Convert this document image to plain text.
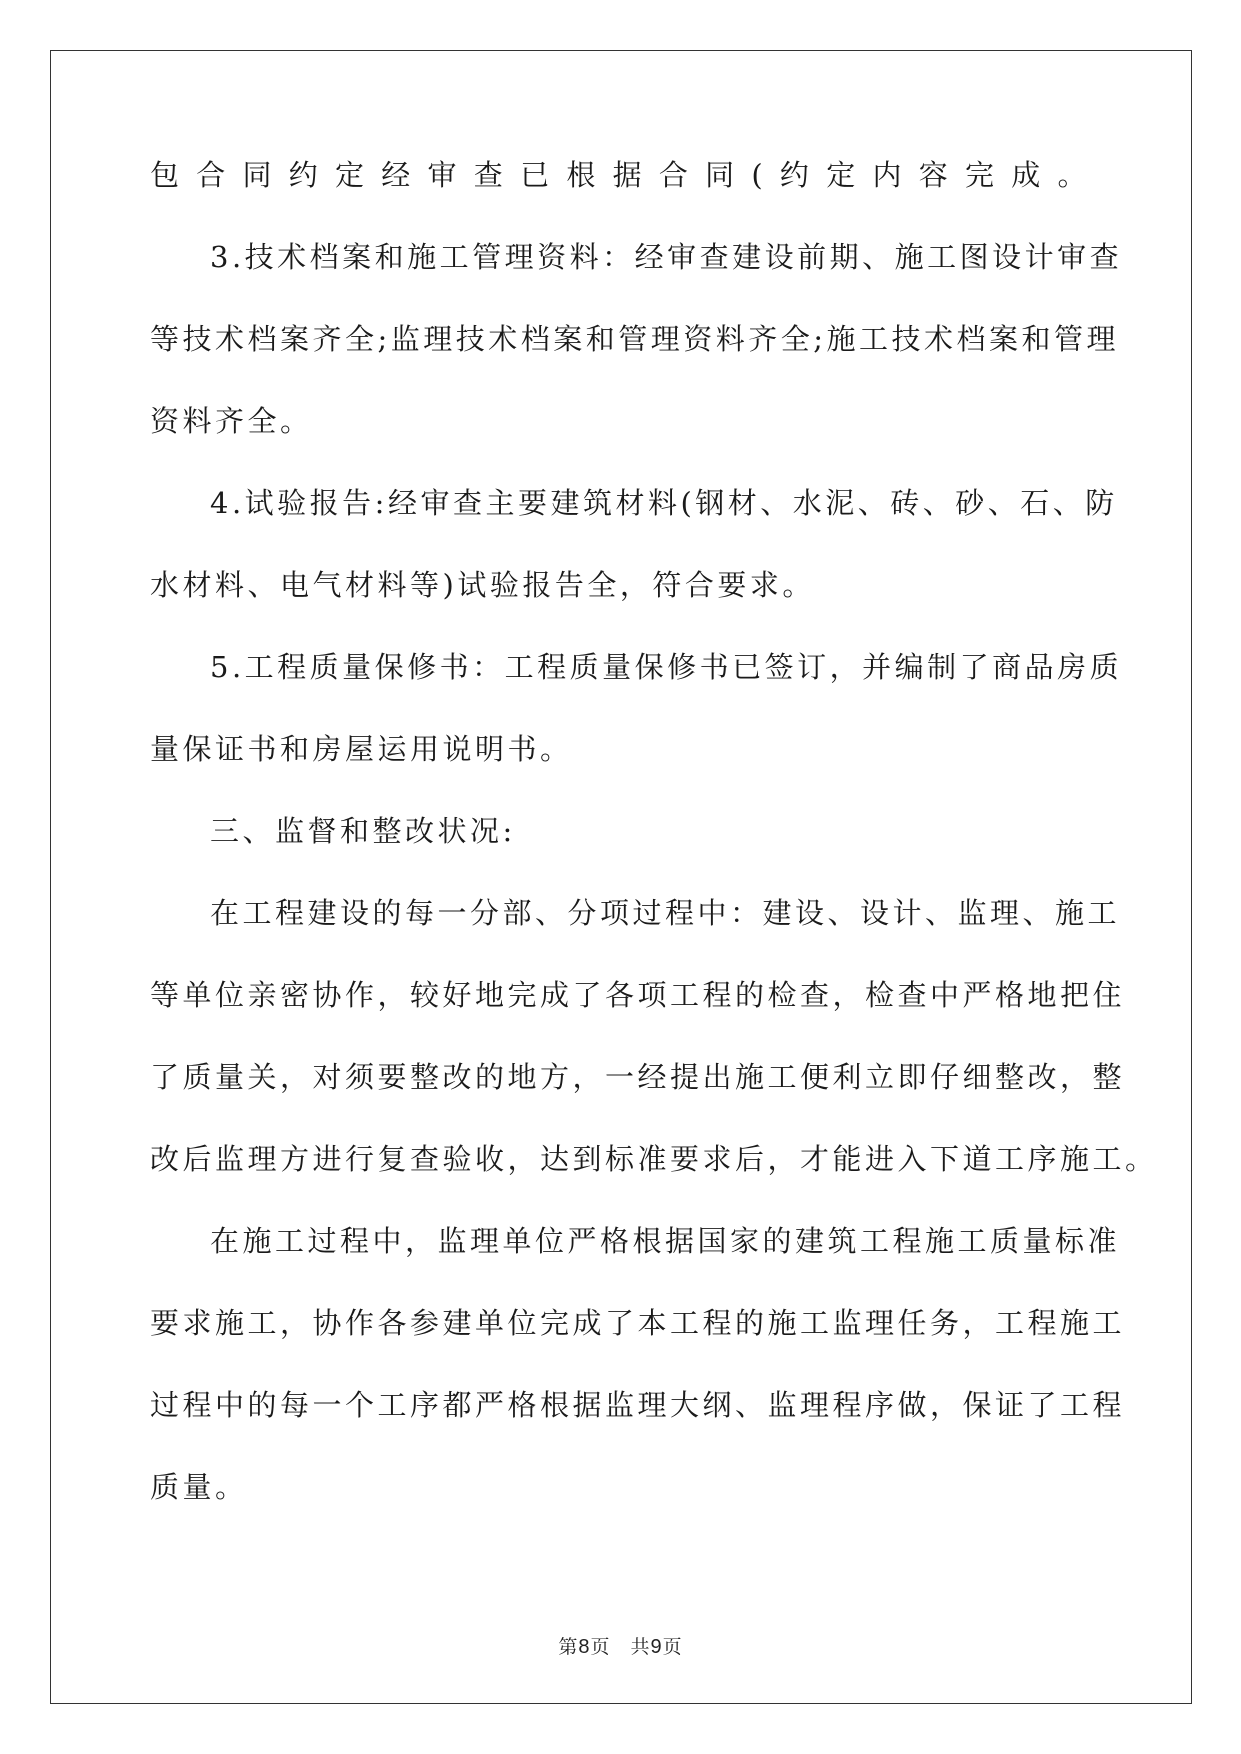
包合同约定经审查已根据合同(约定内容完成。
3.技术档案和施工管理资料：经审查建设前期、施工图设计审查
等技术档案齐全;监理技术档案和管理资料齐全;施工技术档案和管理
资料齐全。
4.试验报告:经审查主要建筑材料(钢材、水泥、砖、砂、石、防
水材料、电气材料等)试验报告全，符合要求。
5.工程质量保修书：工程质量保修书已签订，并编制了商品房质
量保证书和房屋运用说明书。
三、监督和整改状况:
在工程建设的每一分部、分项过程中：建设、设计、监理、施工
等单位亲密协作，较好地完成了各项工程的检查，检查中严格地把住
了质量关，对须要整改的地方，一经提出施工便利立即仔细整改，整
改后监理方进行复查验收，达到标准要求后，才能进入下道工序施工。
在施工过程中，监理单位严格根据国家的建筑工程施工质量标准
要求施工，协作各参建单位完成了本工程的施工监理任务，工程施工
过程中的每一个工序都严格根据监理大纲、监理程序做，保证了工程
质量。
第8页 共9页
